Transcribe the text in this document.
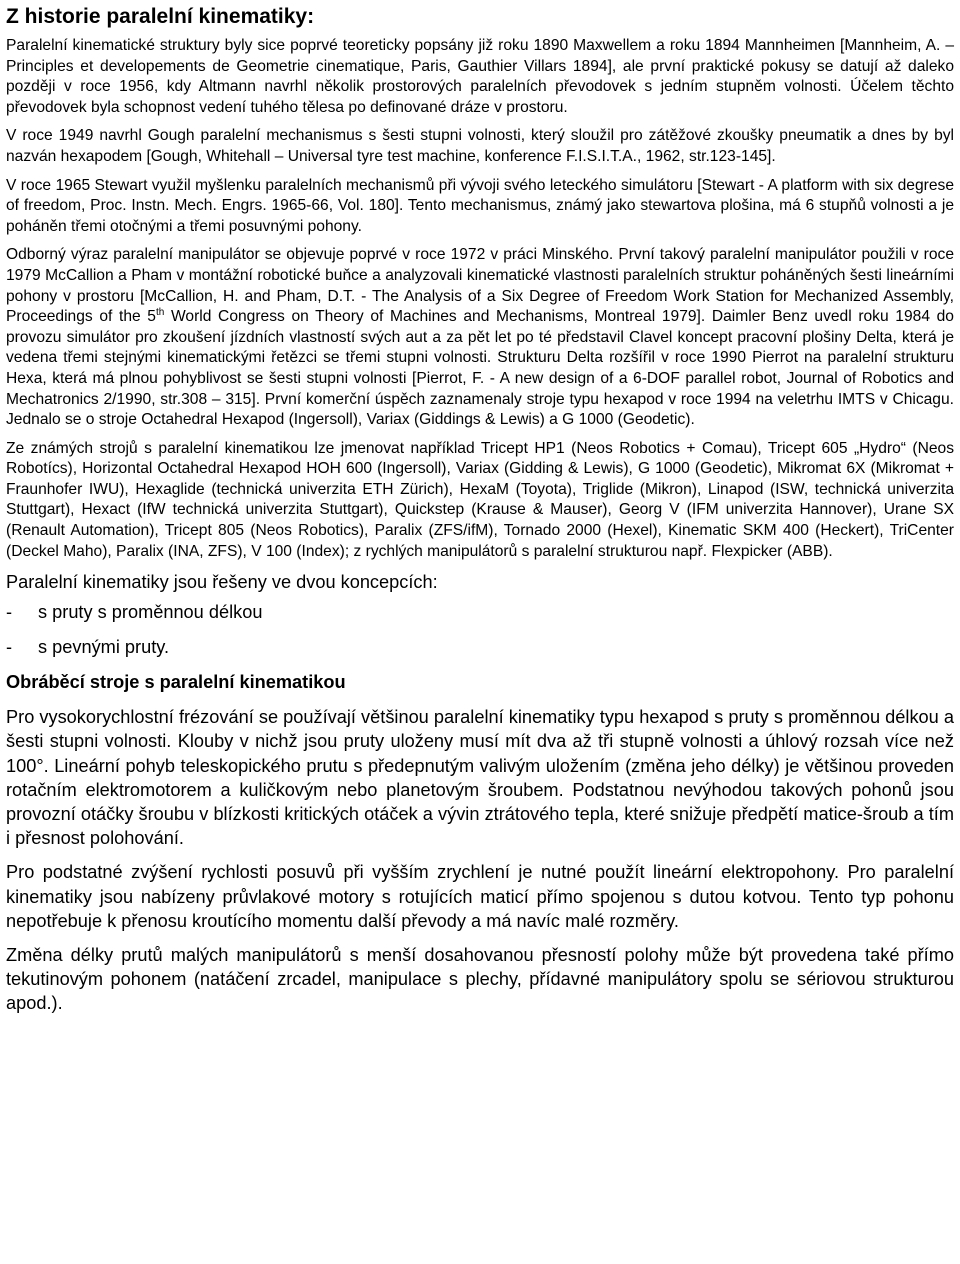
Z historie paralelní kinematiky:

Paralelní kinematické struktury byly sice poprvé teoreticky popsány již roku 1890 Maxwellem a roku 1894 Mannheimen [Mannheim, A. – Principles et developements de Geometrie cinematique, Paris, Gauthier Villars 1894], ale první praktické pokusy se datují až daleko později v roce 1956, kdy Altmann navrhl několik prostorových paralelních převodovek s jedním stupněm volnosti. Účelem těchto převodovek byla schopnost vedení tuhého tělesa po definované dráze v prostoru.

V roce 1949 navrhl Gough paralelní mechanismus s šesti stupni volnosti, který sloužil pro zátěžové zkoušky pneumatik a dnes by byl nazván hexapodem [Gough, Whitehall – Universal tyre test machine, konference F.I.S.I.T.A., 1962, str.123-145].

V roce 1965 Stewart využil myšlenku paralelních mechanismů při vývoji svého leteckého simulátoru [Stewart - A platform with six degrese of freedom, Proc. Instn. Mech. Engrs. 1965-66, Vol. 180]. Tento mechanismus, známý jako stewartova plošina, má 6 stupňů volnosti a je poháněn třemi otočnými a třemi posuvnými pohony.

Odborný výraz paralelní manipulátor se objevuje poprvé v roce 1972 v práci Minského. První takový paralelní manipulátor použili v roce 1979 McCallion a Pham v montážní robotické buňce a analyzovali kinematické vlastnosti paralelních struktur poháněných šesti lineárními pohony v prostoru [McCallion, H. and Pham, D.T. - The Analysis of a Six Degree of Freedom Work Station for Mechanized Assembly, Proceedings of the 5th World Congress on Theory of Machines and Mechanisms, Montreal 1979]. Daimler Benz uvedl roku 1984 do provozu simulátor pro zkoušení jízdních vlastností svých aut a za pět let po té představil Clavel koncept pracovní plošiny Delta, která je vedena třemi stejnými kinematickými řetězci se třemi stupni volnosti. Strukturu Delta rozšířil v roce 1990 Pierrot na paralelní strukturu Hexa, která má plnou pohyblivost se šesti stupni volnosti [Pierrot, F. - A new design of a 6-DOF parallel robot, Journal of Robotics and Mechatronics 2/1990, str.308 – 315]. První komerční úspěch zaznamenaly stroje typu hexapod v roce 1994 na veletrhu IMTS v Chicagu. Jednalo se o stroje Octahedral Hexapod (Ingersoll), Variax (Giddings & Lewis) a G 1000 (Geodetic).

Ze známých strojů s paralelní kinematikou lze jmenovat například Tricept HP1 (Neos Robotics + Comau), Tricept 605 „Hydro“ (Neos Robotícs), Horizontal Octahedral Hexapod HOH 600 (Ingersoll), Variax (Gidding & Lewis), G 1000 (Geodetic), Mikromat 6X (Mikromat + Fraunhofer IWU), Hexaglide (technická univerzita ETH Zürich), HexaM (Toyota), Triglide (Mikron), Linapod (ISW, technická univerzita Stuttgart), Hexact (IfW technická univerzita Stuttgart), Quickstep (Krause & Mauser), Georg V (IFM univerzita Hannover), Urane SX (Renault Automation), Tricept 805 (Neos Robotics), Paralix (ZFS/ifM), Tornado 2000 (Hexel), Kinematic SKM 400 (Heckert), TriCenter (Deckel Maho), Paralix (INA, ZFS), V 100 (Index); z rychlých manipulátorů s paralelní strukturou např. Flexpicker (ABB).

Paralelní kinematiky jsou řešeny ve dvou koncepcích:

-	s pruty s proměnnou délkou
-	s pevnými pruty.
Obráběcí stroje s paralelní kinematikou

Pro vysokorychlostní frézování se používají většinou paralelní kinematiky typu hexapod s pruty s proměnnou délkou a šesti stupni volnosti. Klouby v nichž jsou pruty uloženy musí mít dva až tři stupně volnosti a úhlový rozsah více než 100°. Lineární pohyb teleskopického prutu s předepnutým valivým uložením (změna jeho délky) je většinou proveden rotačním elektromotorem a kuličkovým nebo planetovým šroubem. Podstatnou nevýhodou takových pohonů jsou provozní otáčky šroubu v blízkosti kritických otáček a vývin ztrátového tepla, které snižuje předpětí matice-šroub a tím i přesnost polohování.

Pro podstatné zvýšení rychlosti posuvů při vyšším zrychlení je nutné použít lineární elektropohony. Pro paralelní kinematiky jsou nabízeny průvlakové motory s rotujících maticí přímo spojenou s dutou kotvou. Tento typ pohonu nepotřebuje k přenosu kroutícího momentu další převody a má navíc malé rozměry.

Změna délky prutů malých manipulátorů s menší dosahovanou přesností polohy může být provedena také přímo tekutinovým pohonem (natáčení zrcadel, manipulace s plechy, přídavné manipulátory spolu se sériovou strukturou apod.).
